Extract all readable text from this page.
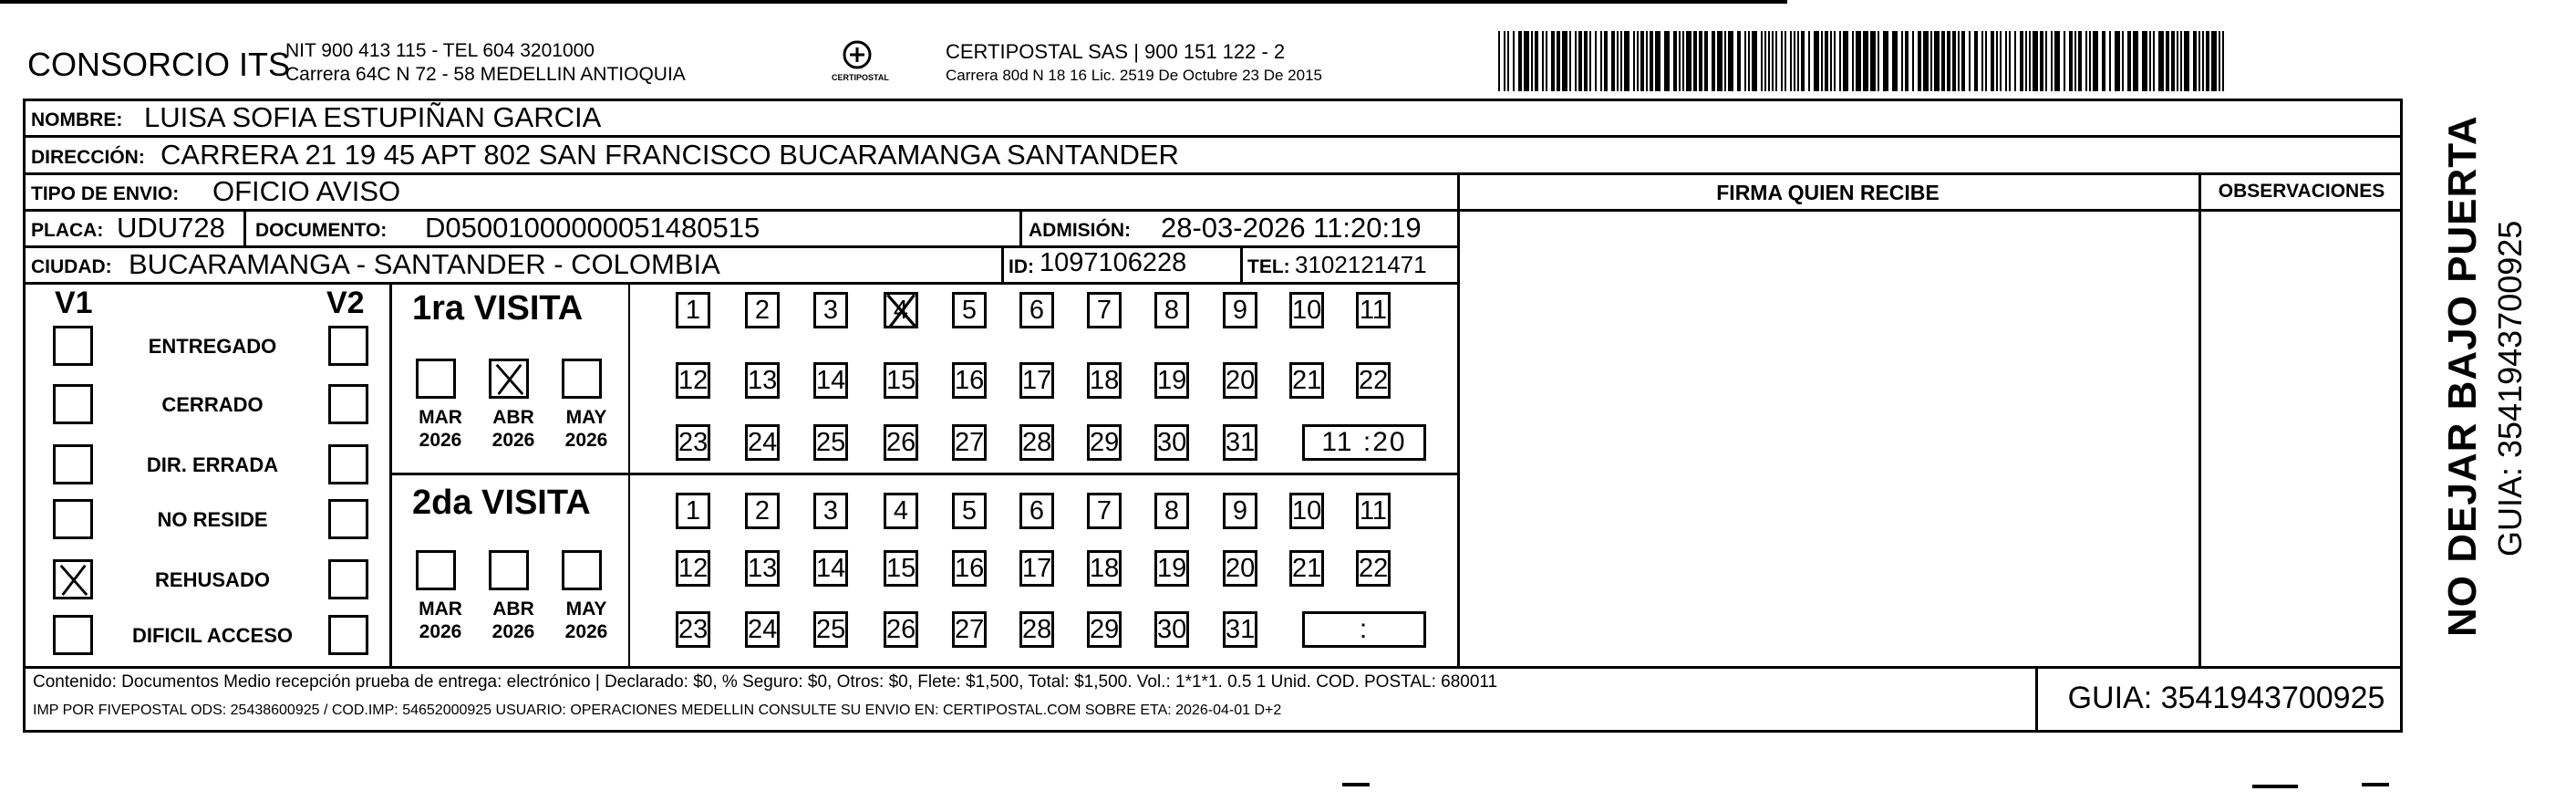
CONSORCIO ITS
NIT 900 413 115 - TEL 604 3201000
Carrera 64C N 72 - 58 MEDELLIN ANTIOQUIA	CERTIPOSTAL
CERTIPOSTAL SAS | 900 151 122 - 2
Carrera 80d N 18 16 Lic. 2519 De Octubre 23 De 2015
NOMBRE: LUISA SOFIA ESTUPIÑAN GARCIA
DIRECCIÓN: CARRERA 21 19 45 APT 802 SAN FRANCISCO BUCARAMANGA SANTANDER
TIPO DE ENVIO: OFICIO AVISO	FIRMA QUIEN RECIBE	OBSERVACIONES
PLACA: UDU728 DOCUMENTO: D05001000000051480515	ADMISIÓN: 28-03-2026 11:20:19
CIUDAD: BUCARAMANGA - SANTANDER - COLOMBIA	ID: 1097106228	TEL: 3102121471
V1	V2
ENTREGADO
CERRADO
DIR. ERRADA
NO RESIDE
REHUSADO
DIFICIL ACCESO
1ra VISITA
2da VISITA
MAR
2026
ABR
2026
MAY
2026
1	2	3	4	5	6	7	8	9	10 11
12 13 14 15 16 17 18 19 20 21 22
23 24 25 26 27 28 29 30 31	11 :20
MAR
2026
ABR
2026
MAY
2026
1	2	3	4	5	6	7	8	9	10 11
12 13 14 15 16 17 18 19 20 21 22
23 24 25 26 27 28 29 30 31	:
Contenido: Documentos Medio recepción prueba de entrega: electrónico | Declarado: $0, % Seguro: $0, Otros: $0, Flete: $1,500, Total: $1,500. Vol.: 1*1*1. 0.5 1 Unid. COD. POSTAL: 680011
IMP POR FIVEPOSTAL ODS: 25438600925 / COD.IMP: 54652000925 USUARIO: OPERACIONES MEDELLIN CONSULTE SU ENVIO EN: CERTIPOSTAL.COM SOBRE ETA: 2026-04-01 D+2	GUIA: 3541943700925
NO DEJAR BAJO PUERTA GUIA: 3541943700925
